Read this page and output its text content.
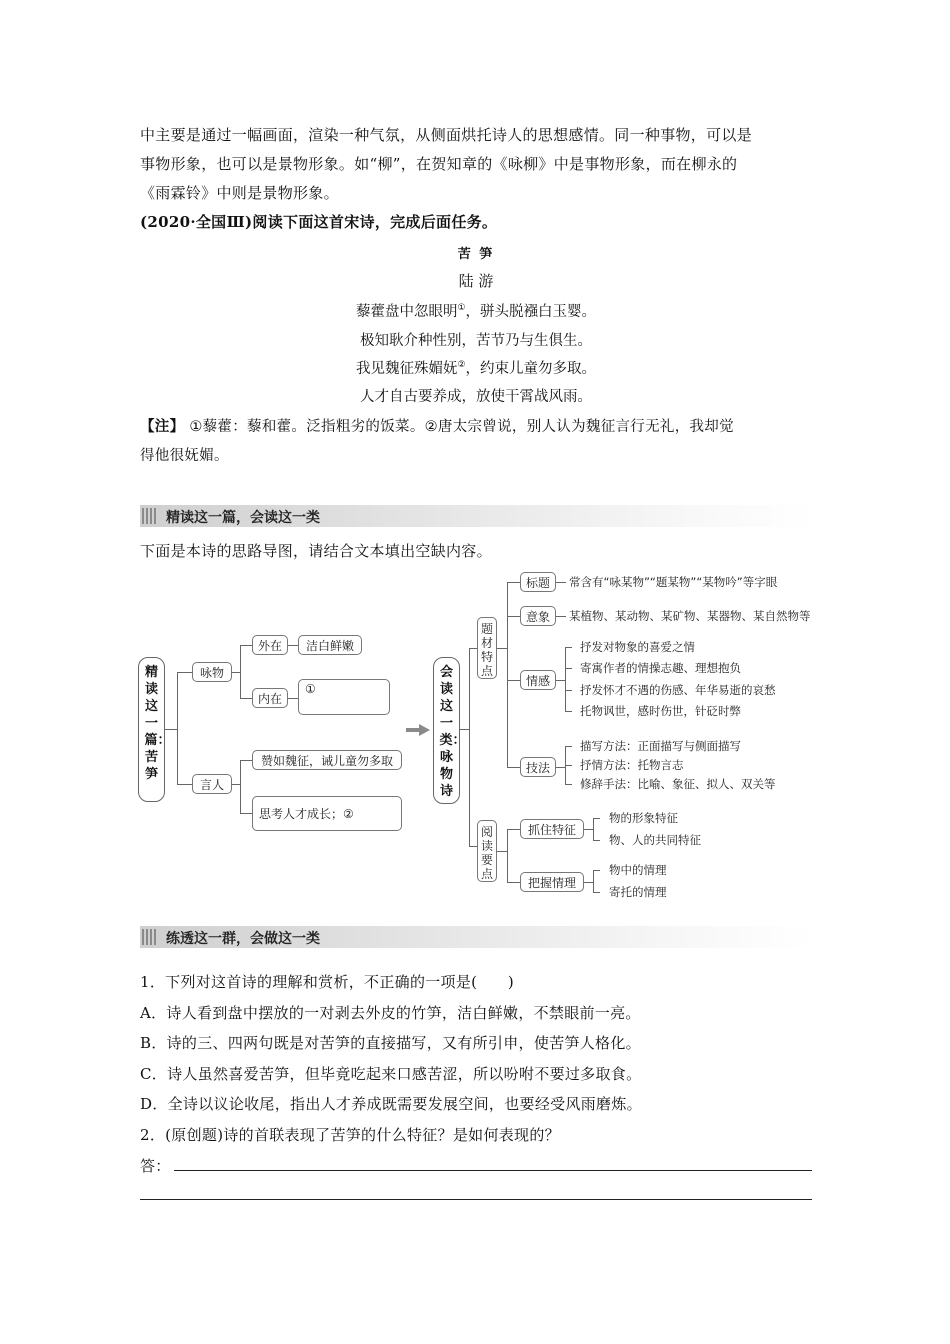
中主要是通过一幅画面，渲染一种气氛，从侧面烘托诗人的思想感情。同一种事物，可以是
事物形象，也可以是景物形象。如“柳”，在贺知章的《咏柳》中是事物形象，而在柳永的
《雨霖铃》中则是景物形象。
(2020·全国Ⅲ)阅读下面这首宋诗，完成后面任务。
苦 笋
陆 游
藜藿盘中忽眼明①，骈头脱襁白玉婴。
极知耿介种性别，苦节乃与生俱生。
我见魏征殊媚妩②，约束儿童勿多取。
人才自古要养成，放使干霄战风雨。
【注】 ①藜藿：藜和藿。泛指粗劣的饭菜。②唐太宗曾说，别人认为魏征言行无礼，我却觉
得他很妩媚。
精读这一篇，会读这一类
下面是本诗的思路导图，请结合文本填出空缺内容。
精读这一篇：苦笋
咏物
言人
外在	洁白鲜嫩
内在
①
赞如魏征，诫儿童勿多取
思考人才成长；②
会读这一类：咏物诗
题材特点
标题	常含有“咏某物”“题某物”“某物吟”等字眼
意象	某植物、某动物、某矿物、某器物、某自然物等
情感
抒发对物象的喜爱之情
寄寓作者的情操志趣、理想抱负
抒发怀才不遇的伤感、年华易逝的哀愁
托物讽世，感时伤世，针砭时弊
技法
描写方法：正面描写与侧面描写
抒情方法：托物言志
修辞手法：比喻、象征、拟人、双关等
阅读要点
抓住特征
物的形象特征
物、人的共同特征
把握情理
物中的情理
寄托的情理
练透这一群，会做这一类
1．下列对这首诗的理解和赏析，不正确的一项是(　　)
A．诗人看到盘中摆放的一对剥去外皮的竹笋，洁白鲜嫩，不禁眼前一亮。
B．诗的三、四两句既是对苦笋的直接描写，又有所引申，使苦笋人格化。
C．诗人虽然喜爱苦笋，但毕竟吃起来口感苦涩，所以吩咐不要过多取食。
D．全诗以议论收尾，指出人才养成既需要发展空间，也要经受风雨磨炼。
2．(原创题)诗的首联表现了苦笋的什么特征？是如何表现的？
答：
